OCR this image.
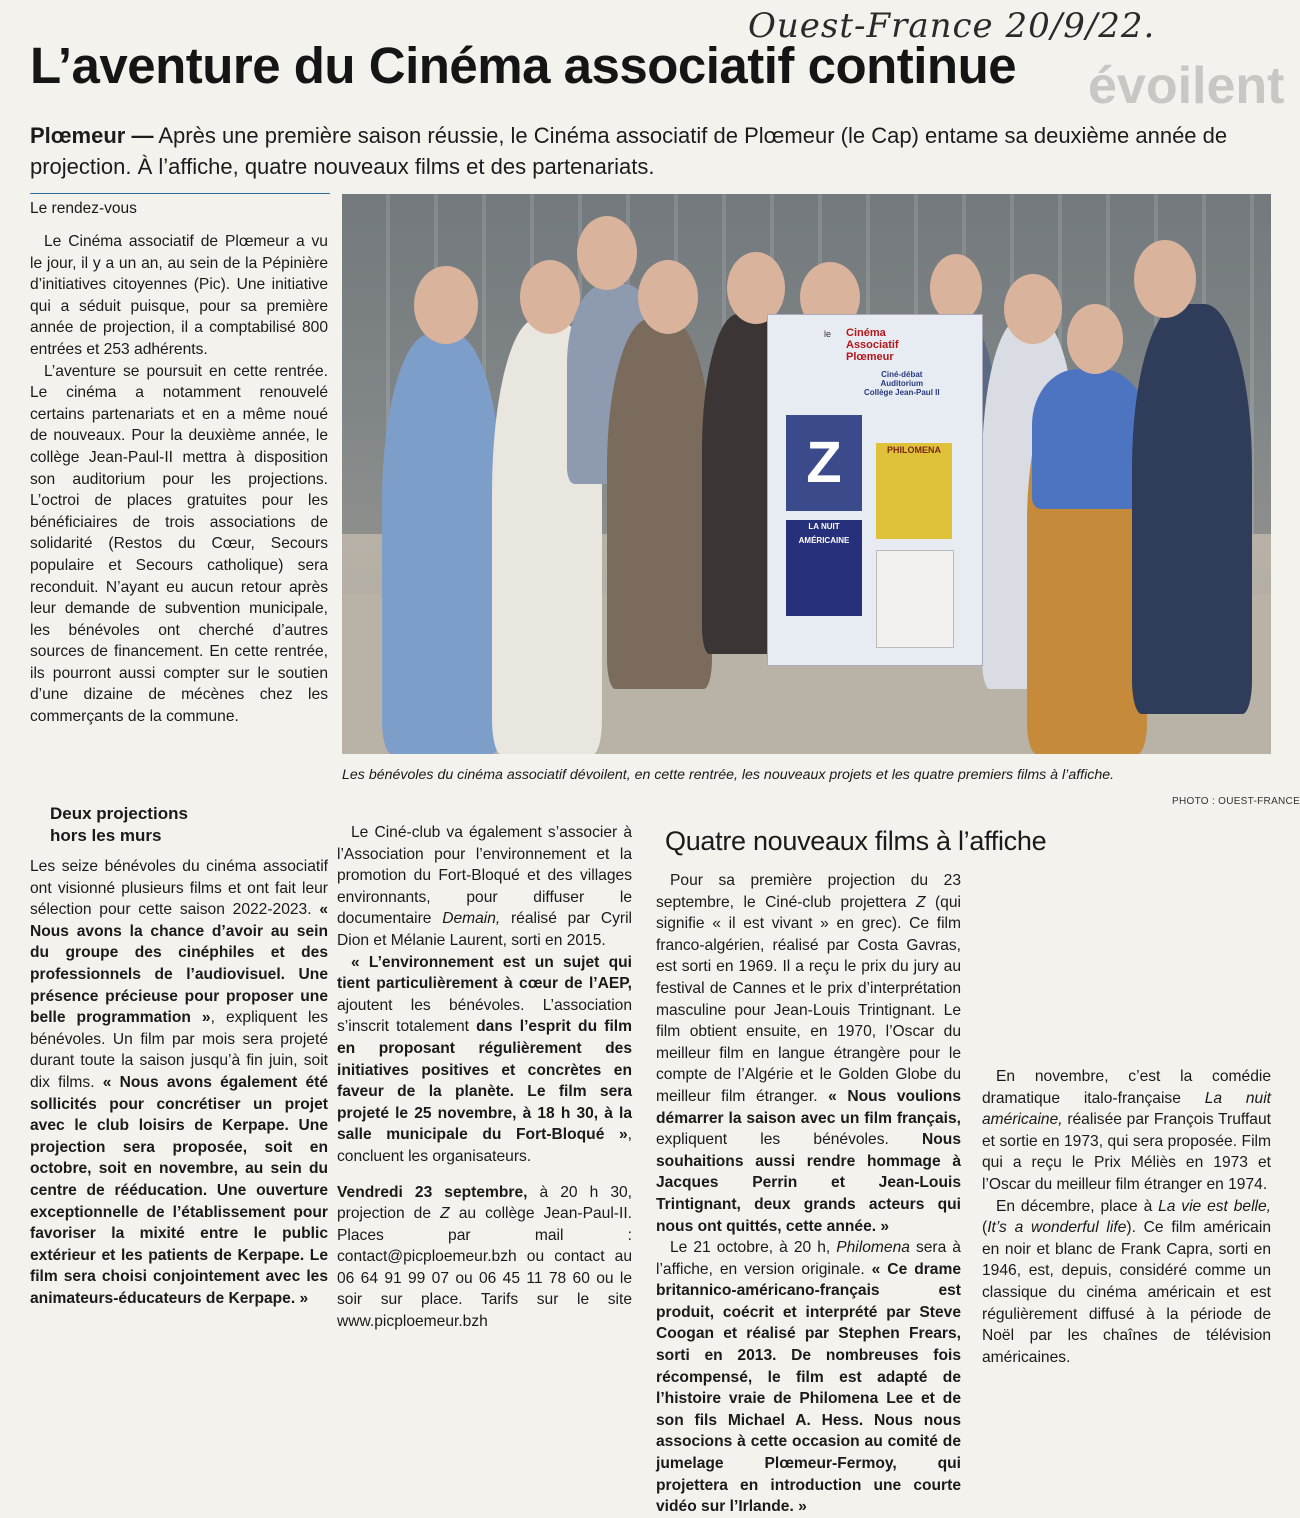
Ouest-France 20/9/22.
évoilent
L’aventure du Cinéma associatif continue
Plœmeur — Après une première saison réussie, le Cinéma associatif de Plœmeur (le Cap) entame sa deuxième année de projection. À l’affiche, quatre nouveaux films et des partenariats.
Le rendez-vous

Le Cinéma associatif de Plœmeur a vu le jour, il y a un an, au sein de la Pépinière d’initiatives citoyennes (Pic). Une initiative qui a séduit puisque, pour sa première année de projection, il a comptabilisé 800 entrées et 253 adhérents.

L’aventure se poursuit en cette rentrée. Le cinéma a notamment renouvelé certains partenariats et en a même noué de nouveaux. Pour la deuxième année, le collège Jean-Paul-II mettra à disposition son auditorium pour les projections. L’octroi de places gratuites pour les bénéficiaires de trois associations de solidarité (Restos du Cœur, Secours populaire et Secours catholique) sera reconduit. N’ayant eu aucun retour après leur demande de subvention municipale, les bénévoles ont cherché d’autres sources de financement. En cette rentrée, ils pourront aussi compter sur le soutien d’une dizaine de mécènes chez les commerçants de la commune.

Deux projections
hors les murs

Les seize bénévoles du cinéma associatif ont visionné plusieurs films et ont fait leur sélection pour cette saison 2022-2023. « Nous avons la chance d’avoir au sein du groupe des cinéphiles et des professionnels de l’audiovisuel. Une présence précieuse pour proposer une belle programmation », expliquent les bénévoles. Un film par mois sera projeté durant toute la saison jusqu’à fin juin, soit dix films. « Nous avons également été sollicités pour concrétiser un projet avec le club loisirs de Kerpape. Une projection sera proposée, soit en octobre, soit en novembre, au sein du centre de rééducation. Une ouverture exceptionnelle de l’établissement pour favoriser la mixité entre le public extérieur et les patients de Kerpape. Le film sera choisi conjointement avec les animateurs-éducateurs de Kerpape. »

le Cinéma
Associatif
Plœmeur
Ciné-débat
Auditorium
Collège Jean-Paul II
Z	PHILOMENA
LA NUIT AMÉRICAINE
Les bénévoles du cinéma associatif dévoilent, en cette rentrée, les nouveaux projets et les quatre premiers films à l’affiche.
PHOTO : OUEST-FRANCE

Le Ciné-club va également s’associer à l’Association pour l’environnement et la promotion du Fort-Bloqué et des villages environnants, pour diffuser le documentaire Demain, réalisé par Cyril Dion et Mélanie Laurent, sorti en 2015.

« L’environnement est un sujet qui tient particulièrement à cœur de l’AEP, ajoutent les bénévoles. L’association s’inscrit totalement dans l’esprit du film en proposant régulièrement des initiatives positives et concrètes en faveur de la planète. Le film sera projeté le 25 novembre, à 18 h 30, à la salle municipale du Fort-Bloqué », concluent les organisateurs.

Vendredi 23 septembre, à 20 h 30, projection de Z au collège Jean-Paul-II. Places par mail : contact@picploemeur.bzh ou contact au 06 64 91 99 07 ou 06 45 11 78 60 ou le soir sur place. Tarifs sur le site www.picploemeur.bzh

Quatre nouveaux films à l’affiche

Pour sa première projection du 23 septembre, le Ciné-club projettera Z (qui signifie « il est vivant » en grec). Ce film franco-algérien, réalisé par Costa Gavras, est sorti en 1969. Il a reçu le prix du jury au festival de Cannes et le prix d’interprétation masculine pour Jean-Louis Trintignant. Le film obtient ensuite, en 1970, l’Oscar du meilleur film en langue étrangère pour le compte de l’Algérie et le Golden Globe du meilleur film étranger. « Nous voulions démarrer la saison avec un film français, expliquent les bénévoles. Nous souhaitions aussi rendre hommage à Jacques Perrin et Jean-Louis Trintignant, deux grands acteurs qui nous ont quittés, cette année. »

Le 21 octobre, à 20 h, Philomena sera à l’affiche, en version originale. « Ce drame britannico-américano-français est produit, coécrit et interprété par Steve Coogan et réalisé par Stephen Frears, sorti en 2013. De nombreuses fois récompensé, le film est adapté de l’histoire vraie de Philomena Lee et de son fils Michael A. Hess. Nous nous associons à cette occasion au comité de jumelage Plœmeur-Fermoy, qui projettera en introduction une courte vidéo sur l’Irlande. »

En novembre, c’est la comédie dramatique italo-française La nuit américaine, réalisée par François Truffaut et sortie en 1973, qui sera proposée. Film qui a reçu le Prix Méliès en 1973 et l’Oscar du meilleur film étranger en 1974.

En décembre, place à La vie est belle, (It’s a wonderful life). Ce film américain en noir et blanc de Frank Capra, sorti en 1946, est, depuis, considéré comme un classique du cinéma américain et est régulièrement diffusé à la période de Noël par les chaînes de télévision américaines.
